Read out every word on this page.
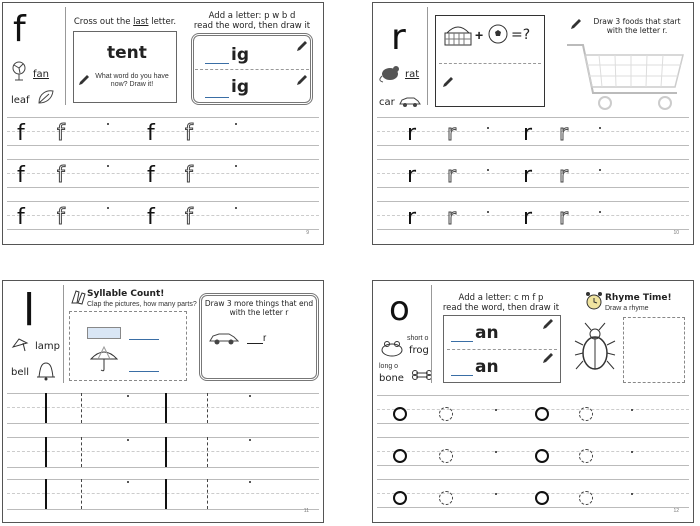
f
fan
leaf
Cross out the last letter.
tent
What word do you have now? Draw it!
Add a letter: p w b d
read the word, then draw it
ig
ig
f f	f f
f f	f f
f f	f f
9
r
rat
car
+ =?
Draw 3 foods that start with the letter r.
r r	r r
r r	r r
r r	r r
10
l
lamp
bell
Syllable Count!
Clap the pictures, how many parts? Draw 3 more things that end with the letter r
r
11
o
short o
frog
long o
bone
Add a letter: c m f p
read the word, then draw it
an
an
Rhyme Time!
Draw a rhyme
12
